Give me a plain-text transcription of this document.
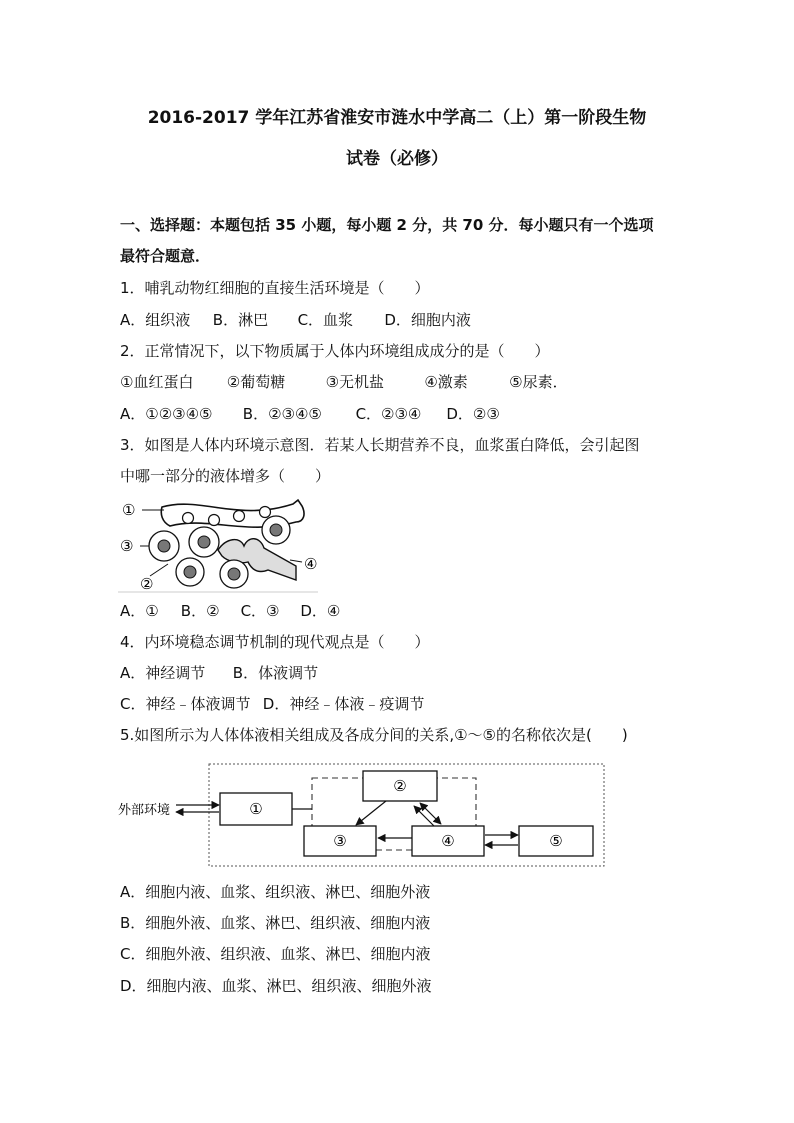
2016-2017 学年江苏省淮安市涟水中学高二（上）第一阶段生物
试卷（必修）
一、选择题：本题包括 35 小题，每小题 2 分，共 70 分．每小题只有一个选项
最符合题意．
1．哺乳动物红细胞的直接生活环境是（　　）
A．组织液 B．淋巴 C．血浆 D．细胞内液
2．正常情况下，以下物质属于人体内环境组成成分的是（　　）
①血红蛋白 ②葡萄糖	③无机盐	④激素	⑤尿素．
A．①②③④⑤ B．②③④⑤ C．②③④ D．②③
3．如图是人体内环境示意图．若某人长期营养不良，血浆蛋白降低，会引起图
中哪一部分的液体增多（　　）
①
③
②
④
A．① B．② C．③ D．④
4．内环境稳态调节机制的现代观点是（　　）
A．神经调节 B．体液调节
C．神经﹣体液调节 D．神经﹣体液﹣疫调节
5.如图所示为人体体液相关组成及各成分间的关系,①～⑤的名称依次是(　　)
①
②
③	④	⑤
外部环境
A．细胞内液、血浆、组织液、淋巴、细胞外液
B．细胞外液、血浆、淋巴、组织液、细胞内液
C．细胞外液、组织液、血浆、淋巴、细胞内液
D．细胞内液、血浆、淋巴、组织液、细胞外液
